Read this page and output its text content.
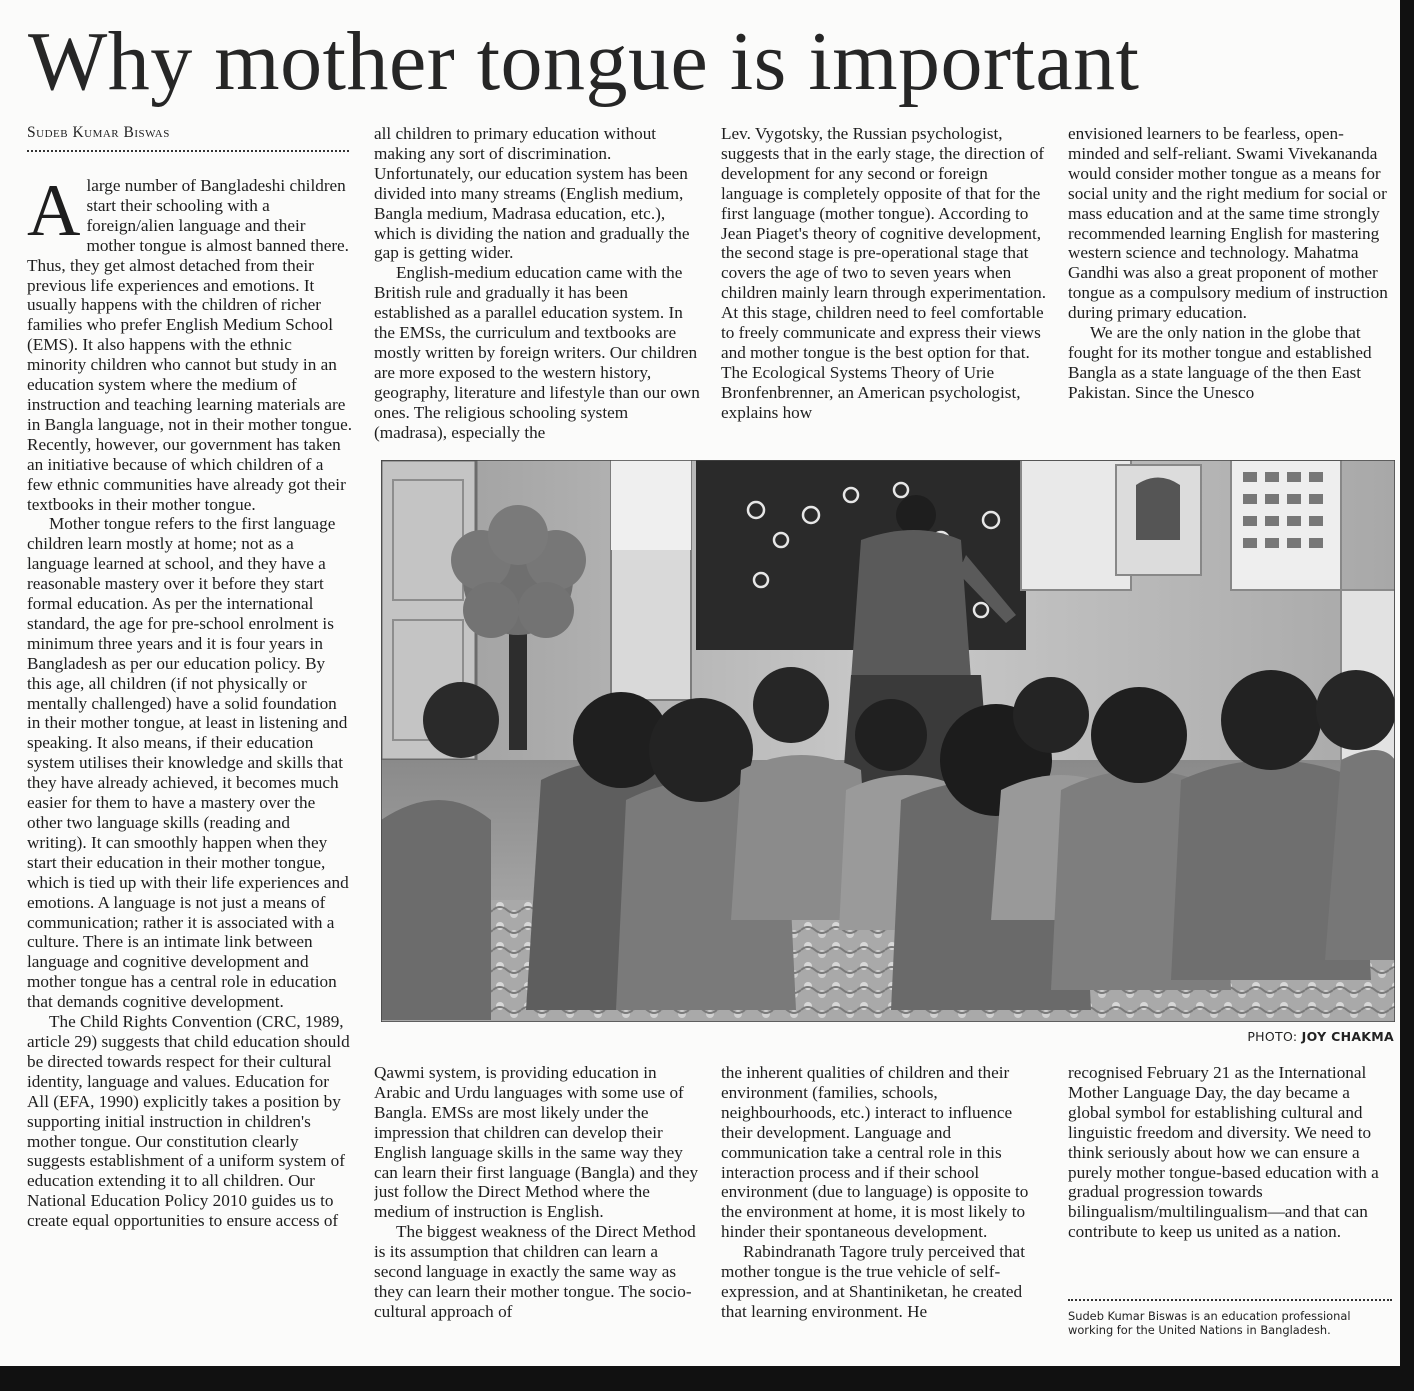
Why mother tongue is important
Sudeb Kumar Biswas

A large number of Bangladeshi children start their schooling with a foreign/alien language and their mother tongue is almost banned there. Thus, they get almost detached from their previous life experiences and emotions. It usually happens with the children of richer families who prefer English Medium School (EMS). It also happens with the ethnic minority children who cannot but study in an education system where the medium of instruction and teaching learning materials are in Bangla language, not in their mother tongue. Recently, however, our government has taken an initiative because of which children of a few ethnic communities have already got their textbooks in their mother tongue.

Mother tongue refers to the first language children learn mostly at home; not as a language learned at school, and they have a reasonable mastery over it before they start formal education. As per the international standard, the age for pre-school enrolment is minimum three years and it is four years in Bangladesh as per our education policy. By this age, all children (if not physically or mentally challenged) have a solid foundation in their mother tongue, at least in listening and speaking. It also means, if their education system utilises their knowledge and skills that they have already achieved, it becomes much easier for them to have a mastery over the other two language skills (reading and writing). It can smoothly happen when they start their education in their mother tongue, which is tied up with their life experiences and emotions. A language is not just a means of communication; rather it is associated with a culture. There is an intimate link between language and cognitive development and mother tongue has a central role in education that demands cognitive development.

The Child Rights Convention (CRC, 1989, article 29) suggests that child education should be directed towards respect for their cultural identity, language and values. Education for All (EFA, 1990) explicitly takes a position by supporting initial instruction in children's mother tongue. Our constitution clearly suggests establishment of a uniform system of education extending it to all children. Our National Education Policy 2010 guides us to create equal opportunities to ensure access of

all children to primary education without making any sort of discrimination. Unfortunately, our education system has been divided into many streams (English medium, Bangla medium, Madrasa education, etc.), which is dividing the nation and gradually the gap is getting wider.

English-medium education came with the British rule and gradually it has been established as a parallel education system. In the EMSs, the curriculum and textbooks are mostly written by foreign writers. Our children are more exposed to the western history, geography, literature and lifestyle than our own ones. The religious schooling system (madrasa), especially the

Lev. Vygotsky, the Russian psychologist, suggests that in the early stage, the direction of development for any second or foreign language is completely opposite of that for the first language (mother tongue). According to Jean Piaget's theory of cognitive development, the second stage is pre-operational stage that covers the age of two to seven years when children mainly learn through experimentation. At this stage, children need to feel comfortable to freely communicate and express their views and mother tongue is the best option for that. The Ecological Systems Theory of Urie Bronfenbrenner, an American psychologist, explains how

envisioned learners to be fearless, open-minded and self-reliant. Swami Vivekananda would consider mother tongue as a means for social unity and the right medium for social or mass education and at the same time strongly recommended learning English for mastering western science and technology. Mahatma Gandhi was also a great proponent of mother tongue as a compulsory medium of instruction during primary education.

We are the only nation in the globe that fought for its mother tongue and established Bangla as a state language of the then East Pakistan. Since the Unesco

PHOTO: JOY CHAKMA

Qawmi system, is providing education in Arabic and Urdu languages with some use of Bangla. EMSs are most likely under the impression that children can develop their English language skills in the same way they can learn their first language (Bangla) and they just follow the Direct Method where the medium of instruction is English.

The biggest weakness of the Direct Method is its assumption that children can learn a second language in exactly the same way as they can learn their mother tongue. The socio-cultural approach of

the inherent qualities of children and their environment (families, schools, neighbourhoods, etc.) interact to influence their development. Language and communication take a central role in this interaction process and if their school environment (due to language) is opposite to the environment at home, it is most likely to hinder their spontaneous development.

Rabindranath Tagore truly perceived that mother tongue is the true vehicle of self-expression, and at Shantiniketan, he created that learning environment. He

recognised February 21 as the International Mother Language Day, the day became a global symbol for establishing cultural and linguistic freedom and diversity. We need to think seriously about how we can ensure a purely mother tongue-based education with a gradual progression towards bilingualism/multilingualism—and that can contribute to keep us united as a nation.

Sudeb Kumar Biswas is an education professional working for the United Nations in Bangladesh.
